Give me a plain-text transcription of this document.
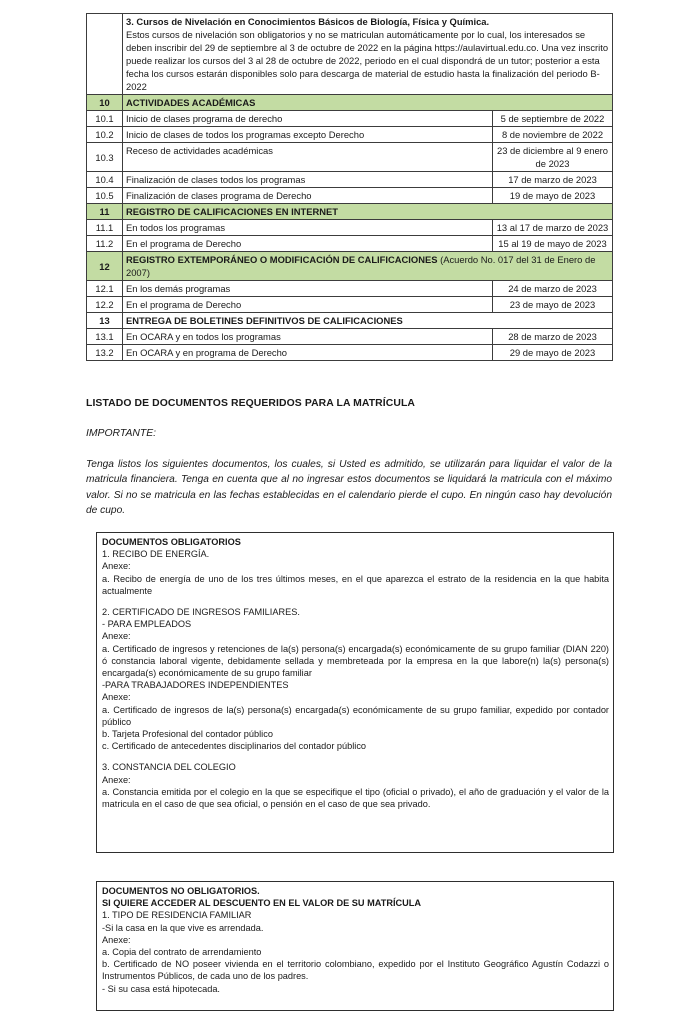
	3. Cursos de Nivelación en Conocimientos Básicos de Biología, Física y Química.
Estos cursos de nivelación son obligatorios y no se matriculan automáticamente por lo cual, los interesados se deben inscribir del 29 de septiembre al 3 de octubre de 2022 en la página https://aulavirtual.edu.co. Una vez inscrito puede realizar los cursos del 3 al 28 de octubre de 2022, periodo en el cual dispondrá de un tutor; posterior a esta fecha los cursos estarán disponibles solo para descarga de material de estudio hasta la finalización del periodo B-2022	

10	ACTIVIDADES ACADÉMICAS	
10.1	Inicio de clases programa de derecho	5 de septiembre de 2022
10.2	Inicio de clases de todos los programas excepto Derecho	8 de noviembre de 2022
10.3	Receso de actividades académicas	23 de diciembre al 9 enero de 2023
10.4	Finalización de clases todos los programas	17 de marzo de 2023
10.5	Finalización de clases programa de Derecho	19 de mayo de 2023
11	REGISTRO DE CALIFICACIONES EN INTERNET	
11.1	En todos los programas	13 al 17 de marzo de 2023
11.2	En el programa de Derecho	15 al 19 de mayo de 2023
12	REGISTRO EXTEMPORÁNEO O MODIFICACIÓN DE CALIFICACIONES (Acuerdo No. 017 del 31 de Enero de 2007)	
12.1	En los demás programas	24 de marzo de 2023
12.2	En el programa de Derecho	23 de mayo de 2023
13	ENTREGA DE BOLETINES DEFINITIVOS DE CALIFICACIONES	
13.1	En OCARA y en todos los programas	28 de marzo de 2023
13.2	En OCARA y en programa de Derecho	29 de mayo de 2023
LISTADO DE DOCUMENTOS REQUERIDOS PARA LA MATRÍCULA
IMPORTANTE:
Tenga listos los siguientes documentos, los cuales, si Usted es admitido, se utilizarán para liquidar el valor de la matricula financiera. Tenga en cuenta que al no ingresar estos documentos se liquidará la matricula con el máximo valor. Si no se matricula en las fechas establecidas en el calendario pierde el cupo. En ningún caso hay devolución de cupo.
DOCUMENTOS OBLIGATORIOS
1. RECIBO DE ENERGÍA.
Anexe:
a. Recibo de energía de uno de los tres últimos meses, en el que aparezca el estrato de la residencia en la que habita actualmente
2. CERTIFICADO DE INGRESOS FAMILIARES.
- PARA EMPLEADOS
Anexe:
a. Certificado de ingresos y retenciones de la(s) persona(s) encargada(s) económicamente de su grupo familiar (DIAN 220) ó constancia laboral vigente, debidamente sellada y membreteada por la empresa en la que labore(n) la(s) persona(s) encargada(s) económicamente de su grupo familiar
-PARA TRABAJADORES INDEPENDIENTES
Anexe:
a. Certificado de ingresos de la(s) persona(s) encargada(s) económicamente de su grupo familiar, expedido por contador público
b. Tarjeta Profesional del contador público
c. Certificado de antecedentes disciplinarios del contador público
3. CONSTANCIA DEL COLEGIO
Anexe:
a. Constancia emitida por el colegio en la que se especifique el tipo (oficial o privado), el año de graduación y el valor de la matricula en el caso de que sea oficial, o pensión en el caso de que sea privado.
DOCUMENTOS NO OBLIGATORIOS.
SI QUIERE ACCEDER AL DESCUENTO EN EL VALOR DE SU MATRÍCULA
1. TIPO DE RESIDENCIA FAMILIAR
-Si la casa en la que vive es arrendada.
Anexe:
a. Copia del contrato de arrendamiento
b. Certificado de NO poseer vivienda en el territorio colombiano, expedido por el Instituto Geográfico Agustín Codazzi o Instrumentos Públicos, de cada uno de los padres.
- Si su casa está hipotecada.
